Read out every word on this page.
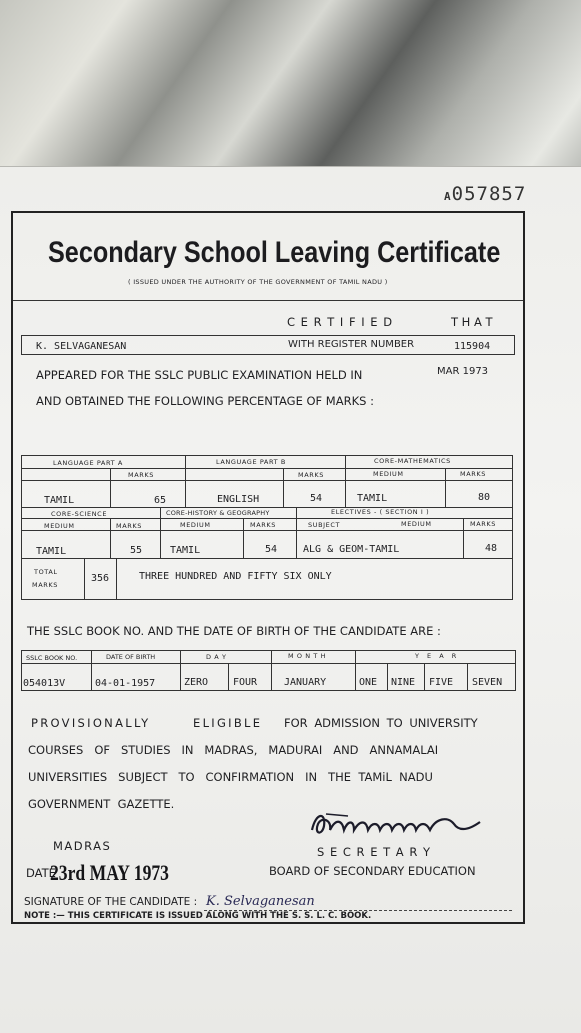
A057857
Secondary School Leaving Certificate
( ISSUED UNDER THE AUTHORITY OF THE GOVERNMENT OF TAMIL NADU )
C E R T I F I E D	T H A T
K. SELVAGANESAN	WITH REGISTER NUMBER	115904
APPEARED FOR THE SSLC PUBLIC EXAMINATION HELD IN	MAR 1973
AND OBTAINED THE FOLLOWING PERCENTAGE OF MARKS :
LANGUAGE PART A	LANGUAGE PART B	CORE-MATHEMATICS
MARKS	MARKS	MEDIUM	MARKS
TAMIL	65	ENGLISH	54	TAMIL	80
CORE-SCIENCE	CORE-HISTORY & GEOGRAPHY	ELECTIVES - ( SECTION I )
MEDIUM	MARKS	MEDIUM	MARKS	SUBJECT	MEDIUM	MARKS
TAMIL	55	TAMIL	54	ALG & GEOM-TAMIL	48
TOTAL
MARKS
356	THREE HUNDRED AND FIFTY SIX ONLY
THE SSLC BOOK NO. AND THE DATE OF BIRTH OF THE CANDIDATE ARE :
SSLC BOOK NO.	DATE OF BIRTH	D A Y	M O N T H	Y E A R
054013V	04-01-1957	ZERO FOUR	JANUARY	ONE NINE FIVE SEVEN
PROVISIONALLY	ELIGIBLE FOR ADMISSION TO UNIVERSITY
COURSES   OF   STUDIES   IN   MADRAS,   MADURAI   AND   ANNAMALAI
UNIVERSITIES   SUBJECT   TO   CONFIRMATION   IN   THE  TAMiL  NADU
GOVERNMENT  GAZETTE.
MADRAS	S E C R E T A R Y
DATE
23rd MAY 1973	BOARD OF SECONDARY EDUCATION
SIGNATURE OF THE CANDIDATE : K. Selvaganesan
NOTE :— THIS CERTIFICATE IS ISSUED ALONG WITH THE S. S. L. C. BOOK.
